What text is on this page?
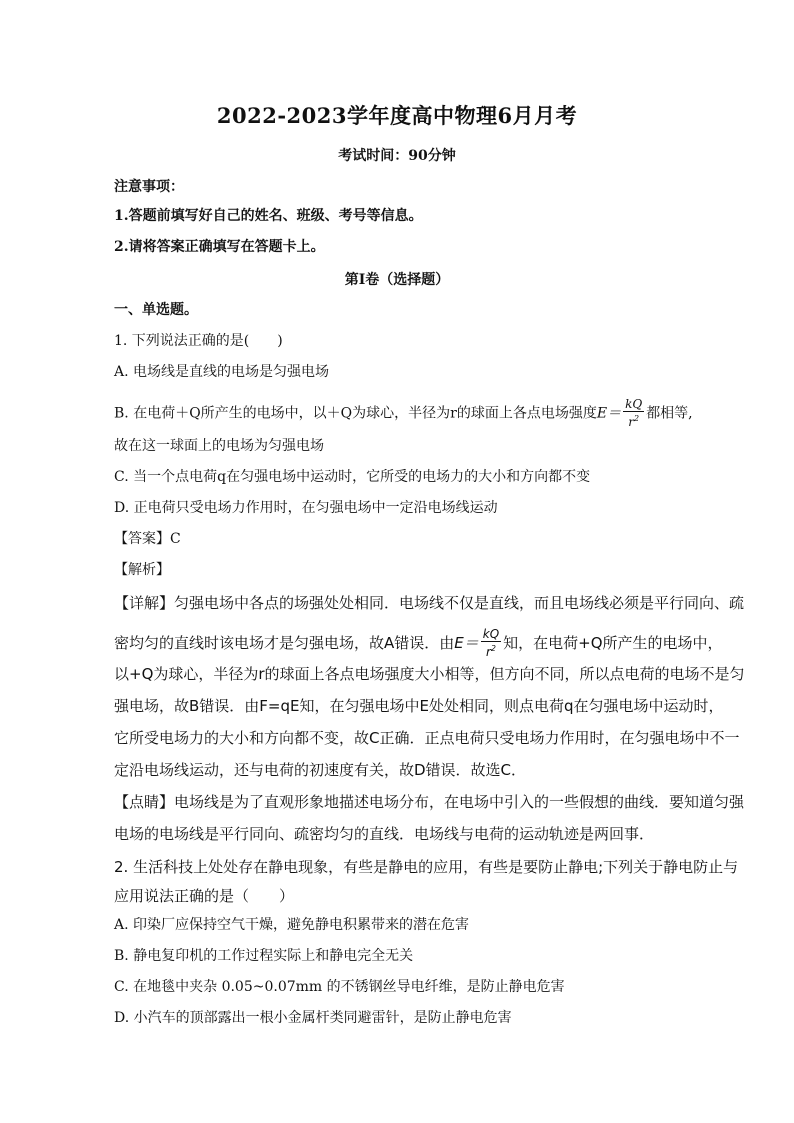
2022-2023学年度高中物理6月月考
考试时间：90分钟
注意事项：
1.答题前填写好自己的姓名、班级、考号等信息。
2.请将答案正确填写在答题卡上。
第I卷（选择题）
一、单选题。
1. 下列说法正确的是(　　)
A. 电场线是直线的电场是匀强电场
B. 在电荷＋Q所产生的电场中，以＋Q为球心，半径为r的球面上各点电场强度$E= \frac{kQ}{r^2}$ 都相等,
故在这一球面上的电场为匀强电场
C. 当一个点电荷q在匀强电场中运动时，它所受的电场力的大小和方向都不变
D. 正电荷只受电场力作用时，在匀强电场中一定沿电场线运动
【答案】C
【解析】
【详解】匀强电场中各点的场强处处相同．电场线不仅是直线，而且电场线必须是平行同向、疏
密均匀的直线时该电场才是匀强电场，故A错误．由$E= \frac{kQ}{r^2}$ 知，在电荷+Q所产生的电场中，
以+Q为球心，半径为r的球面上各点电场强度大小相等，但方向不同，所以点电荷的电场不是匀
强电场，故B错误．由F=qE知，在匀强电场中E处处相同，则点电荷q在匀强电场中运动时，
它所受电场力的大小和方向都不变，故C正确．正点电荷只受电场力作用时，在匀强电场中不一
定沿电场线运动，还与电荷的初速度有关，故D错误．故选C．
【点睛】电场线是为了直观形象地描述电场分布，在电场中引入的一些假想的曲线．要知道匀强
电场的电场线是平行同向、疏密均匀的直线．电场线与电荷的运动轨迹是两回事．
2. 生活科技上处处存在静电现象，有些是静电的应用，有些是要防止静电;下列关于静电防止与
应用说法正确的是（　　）
A. 印染厂应保持空气干燥，避免静电积累带来的潜在危害
B. 静电复印机的工作过程实际上和静电完全无关
C. 在地毯中夹杂 0.05~0.07mm 的不锈钢丝导电纤维，是防止静电危害
D. 小汽车的顶部露出一根小金属杆类同避雷针，是防止静电危害
